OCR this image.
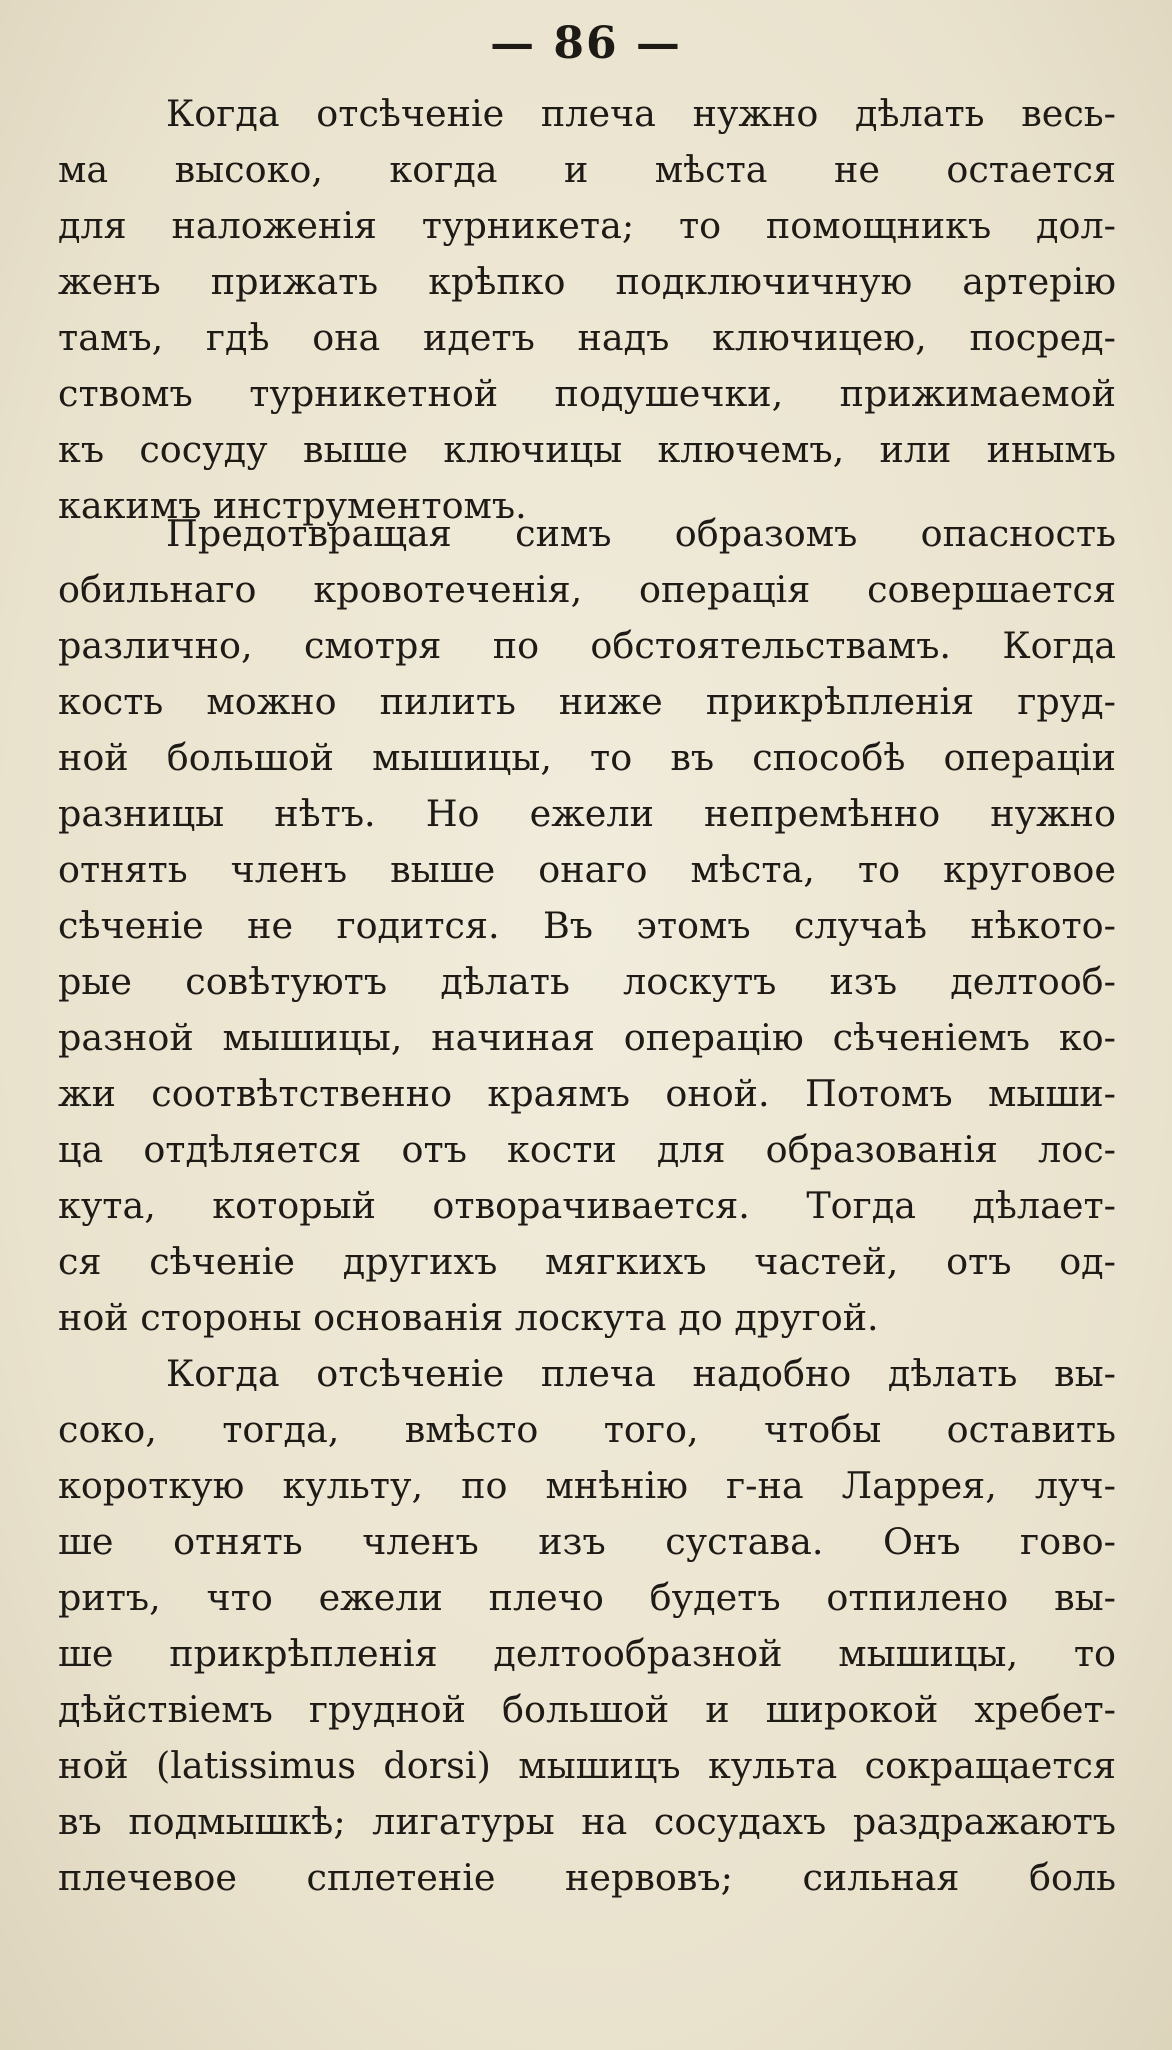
— 86 —
Когда отсѣченіе плеча нужно дѣлать весь-
ма высоко, когда и мѣста не остается
для наложенія турникета; то помощникъ дол-
женъ прижать крѣпко подключичную артерію
тамъ, гдѣ она идетъ надъ ключицею, посред-
ствомъ турникетной подушечки, прижимаемой
къ сосуду выше ключицы ключемъ, или инымъ
какимъ инструментомъ.
Предотвращая симъ образомъ опасность
обильнаго кровотеченія, операція совершается
различно, смотря по обстоятельствамъ. Когда
кость можно пилить ниже прикрѣпленія груд-
ной большой мышицы, то въ способѣ операціи
разницы нѣтъ. Но ежели непремѣнно нужно
отнять членъ выше онаго мѣста, то круговое
сѣченіе не годится. Въ этомъ случаѣ нѣкото-
рые совѣтуютъ дѣлать лоскутъ изъ делтооб-
разной мышицы, начиная операцію сѣченіемъ ко-
жи соотвѣтственно краямъ оной. Потомъ мыши-
ца отдѣляется отъ кости для образованія лос-
кута, который отворачивается. Тогда дѣлает-
ся сѣченіе другихъ мягкихъ частей, отъ од-
ной стороны основанія лоскута до другой.
Когда отсѣченіе плеча надобно дѣлать вы-
соко, тогда, вмѣсто того, чтобы оставить
короткую культу, по мнѣнію г-на Ларрея, луч-
ше отнять членъ изъ сустава. Онъ гово-
ритъ, что ежели плечо будетъ отпилено вы-
ше прикрѣпленія делтообразной мышицы, то
дѣйствіемъ грудной большой и широкой хребет-
ной (latissimus dorsi) мышицъ культа сокращается
въ подмышкѣ; лигатуры на сосудахъ раздражаютъ
плечевое сплетеніе нервовъ; сильная боль
